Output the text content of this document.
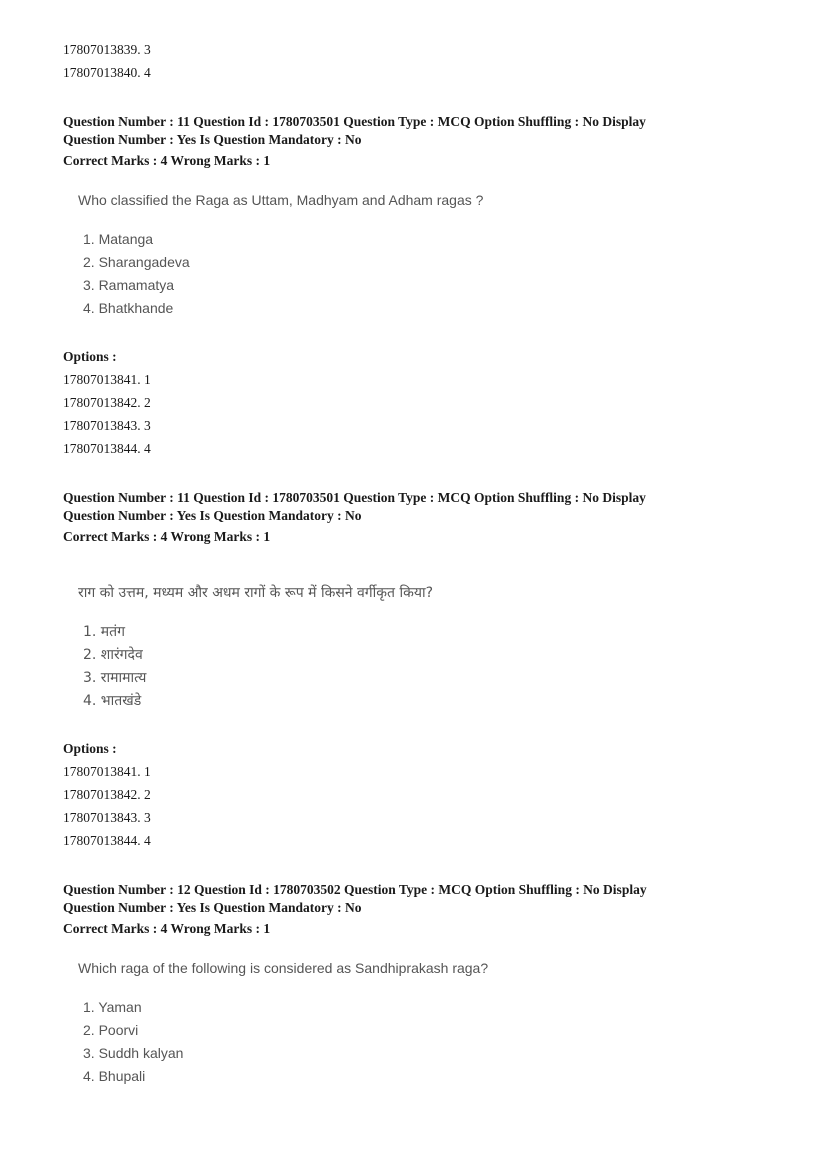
17807013839. 3
17807013840. 4
Question Number : 11 Question Id : 1780703501 Question Type : MCQ Option Shuffling : No Display
Question Number : Yes Is Question Mandatory : No
Correct Marks : 4 Wrong Marks : 1
Who classified the Raga as Uttam, Madhyam and Adham ragas ?
1. Matanga
2. Sharangadeva
3. Ramamatya
4. Bhatkhande
Options :
17807013841. 1
17807013842. 2
17807013843. 3
17807013844. 4
Question Number : 11 Question Id : 1780703501 Question Type : MCQ Option Shuffling : No Display
Question Number : Yes Is Question Mandatory : No
Correct Marks : 4 Wrong Marks : 1
राग को उत्तम, मध्यम और अधम रागों के रूप में किसने वर्गीकृत किया?
1. मतंग
2. शारंगदेव
3. रामामात्य
4. भातखंडे
Options :
17807013841. 1
17807013842. 2
17807013843. 3
17807013844. 4
Question Number : 12 Question Id : 1780703502 Question Type : MCQ Option Shuffling : No Display
Question Number : Yes Is Question Mandatory : No
Correct Marks : 4 Wrong Marks : 1
Which raga of the following is considered as Sandhiprakash raga?
1. Yaman
2. Poorvi
3. Suddh kalyan
4. Bhupali
